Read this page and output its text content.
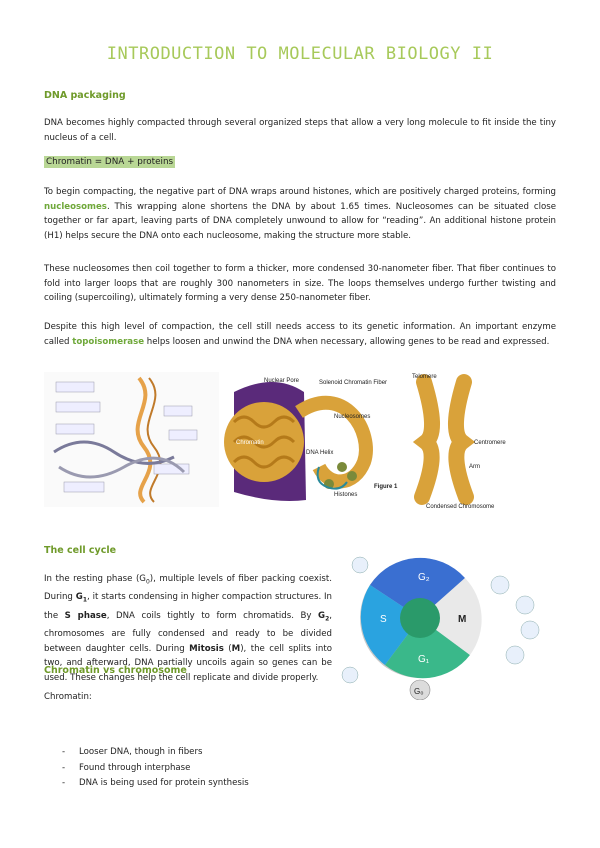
INTRODUCTION TO MOLECULAR BIOLOGY II
DNA packaging

DNA becomes highly compacted through several organized steps that allow a very long molecule to fit inside the tiny nucleus of a cell.

Chromatin = DNA + proteins

To begin compacting, the negative part of DNA wraps around histones, which are positively charged proteins, forming nucleosomes. This wrapping alone shortens the DNA by about 1.65 times. Nucleosomes can be situated close together or far apart, leaving parts of DNA completely unwound to allow for “reading”. An additional histone protein (H1) helps secure the DNA onto each nucleosome, making the structure more stable.

These nucleosomes then coil together to form a thicker, more condensed 30-nanometer fiber. That fiber continues to fold into larger loops that are roughly 300 nanometers in size. The loops themselves undergo further twisting and coiling (supercoiling), ultimately forming a very dense 250-nanometer fiber.

Despite this high level of compaction, the cell still needs access to its genetic information. An important enzyme called topoisomerase helps loosen and unwind the DNA when necessary, allowing genes to be read and expressed.

Nuclear Pore	Solenoid Chromatin Fiber
Nucleosomes
DNA Helix
Histones
Chromatin
Figure 1
Telomere
Centromere
Arm
Condensed Chromosome
The cell cycle

In the resting phase $(G_0)$, multiple levels of fiber packing coexist. During $G_1$, it starts condensing in higher compaction structures. In the S phase, DNA coils tightly to form chromatids. By $G_2$, chromosomes are fully condensed and ready to be divided between daughter cells. During Mitosis (M), the cell splits into two, and afterward, DNA partially uncoils again so genes can be used. These changes help the cell replicate and divide properly.

G₂
S
G₁
M
G₀
Chromatin vs chromosome
Chromatin:
- Looser DNA, though in fibers
- Found through interphase
- DNA is being used for protein synthesis
